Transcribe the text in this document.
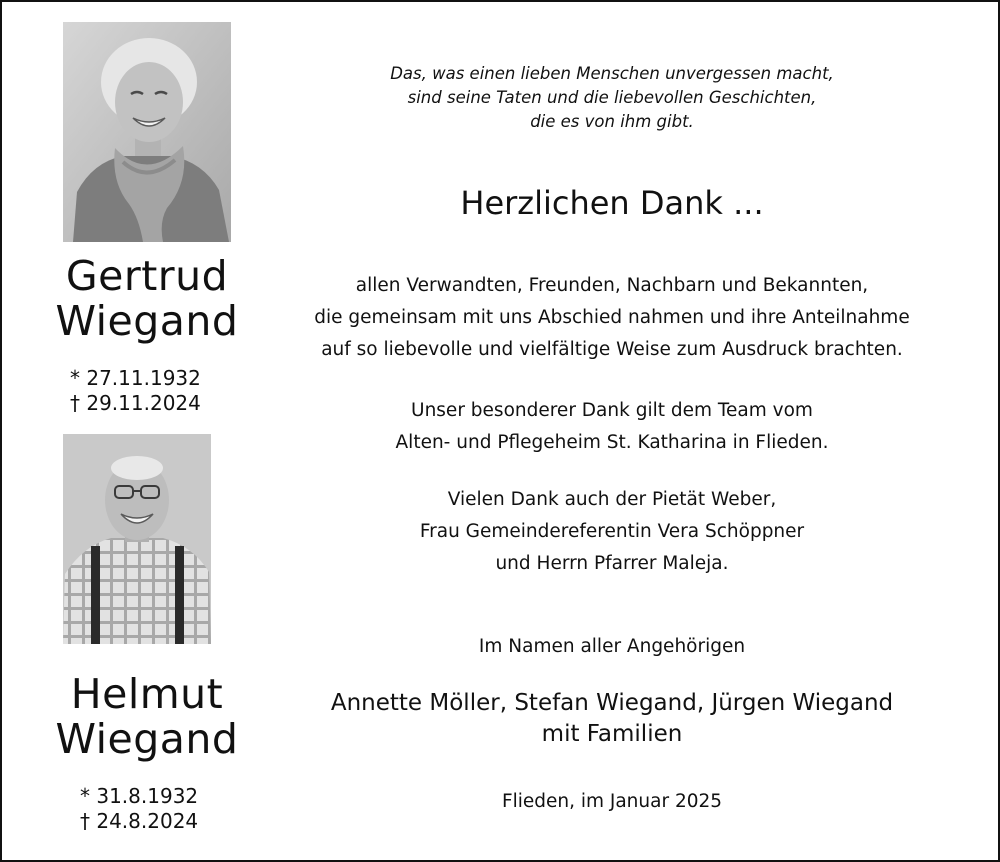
Gertrud
Wiegand
* 27.11.1932
† 29.11.2024
Helmut
Wiegand
* 31.8.1932
† 24.8.2024
Das, was einen lieben Menschen unvergessen macht,
sind seine Taten und die liebevollen Geschichten,
die es von ihm gibt.
Herzlichen Dank ...
allen Verwandten, Freunden, Nachbarn und Bekannten,
die gemeinsam mit uns Abschied nahmen und ihre Anteilnahme
auf so liebevolle und vielfältige Weise zum Ausdruck brachten.
Unser besonderer Dank gilt dem Team vom
Alten- und Pflegeheim St. Katharina in Flieden.
Vielen Dank auch der Pietät Weber,
Frau Gemeindereferentin Vera Schöppner
und Herrn Pfarrer Maleja.
Im Namen aller Angehörigen
Annette Möller, Stefan Wiegand, Jürgen Wiegand
mit Familien
Flieden, im Januar 2025
